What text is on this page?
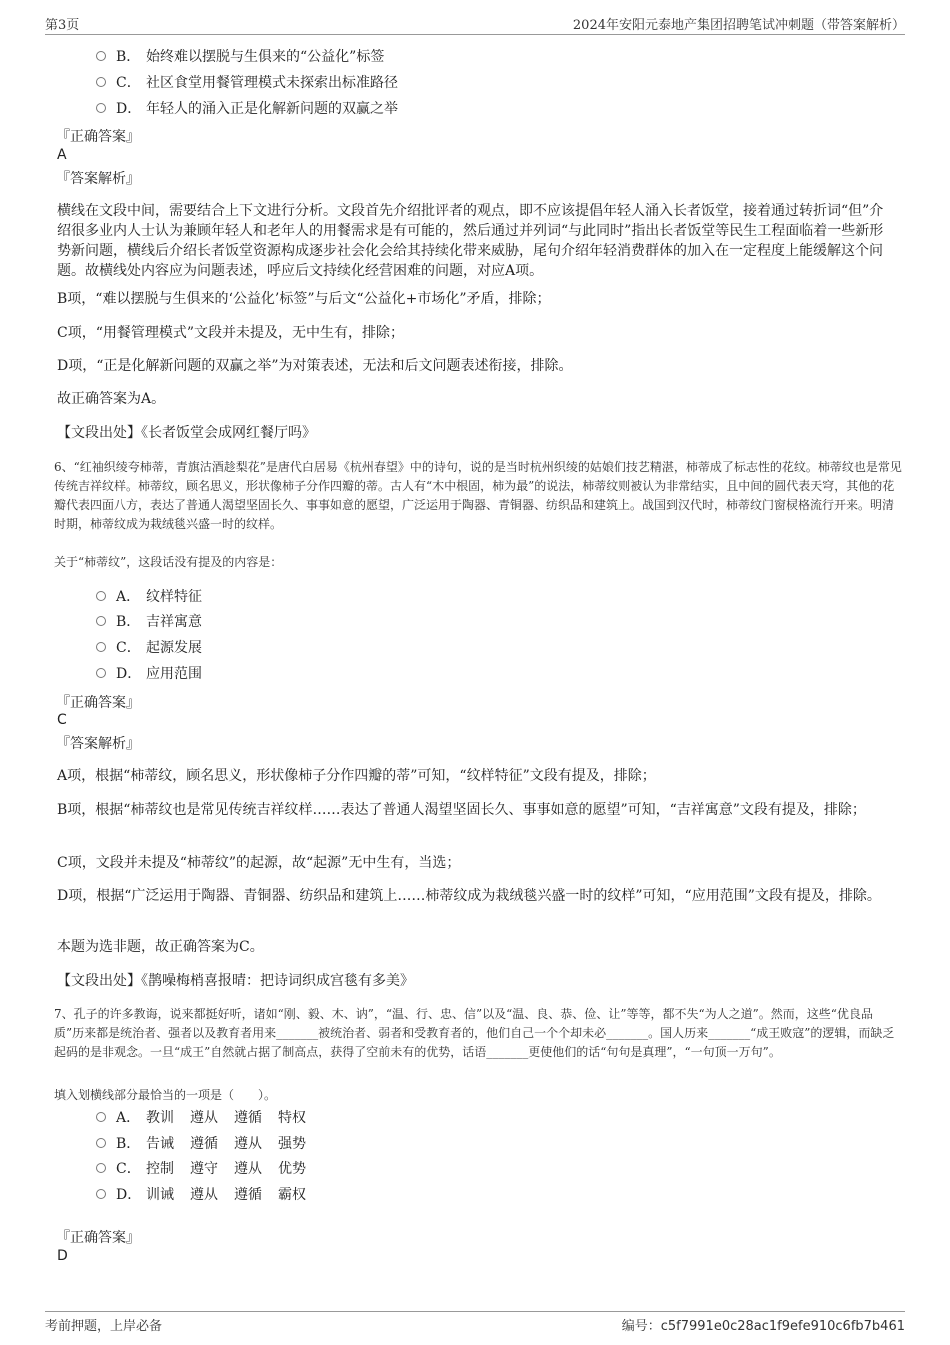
第3页	2024年安阳元泰地产集团招聘笔试冲刺题（带答案解析）
B． 始终难以摆脱与生俱来的“公益化”标签
C． 社区食堂用餐管理模式未探索出标准路径
D． 年轻人的涌入正是化解新问题的双赢之举
『正确答案』
A
『答案解析』
横线在文段中间，需要结合上下文进行分析。文段首先介绍批评者的观点，即不应该提倡年轻人涌入长者饭堂，接着通过转折词“但”介绍很多业内人士认为兼顾年轻人和老年人的用餐需求是有可能的，然后通过并列词“与此同时”指出长者饭堂等民生工程面临着一些新形势新问题，横线后介绍长者饭堂资源构成逐步社会化会给其持续化带来威胁，尾句介绍年轻消费群体的加入在一定程度上能缓解这个问题。故横线处内容应为问题表述，呼应后文持续化经营困难的问题，对应A项。
B项，“难以摆脱与生俱来的‘公益化’标签”与后文“公益化+市场化”矛盾，排除；
C项，“用餐管理模式”文段并未提及，无中生有，排除；
D项，“正是化解新问题的双赢之举”为对策表述，无法和后文问题表述衔接，排除。
故正确答案为A。
【文段出处】《长者饭堂会成网红餐厅吗》
6、“红袖织绫夸柿蒂，青旗沽酒趁梨花”是唐代白居易《杭州春望》中的诗句，说的是当时杭州织绫的姑娘们技艺精湛，柿蒂成了标志性的花纹。柿蒂纹也是常见传统吉祥纹样。柿蒂纹，顾名思义，形状像柿子分作四瓣的蒂。古人有“木中根固，柿为最”的说法，柿蒂纹则被认为非常结实，且中间的圆代表天穹，其他的花瓣代表四面八方，表达了普通人渴望坚固长久、事事如意的愿望，广泛运用于陶器、青铜器、纺织品和建筑上。战国到汉代时，柿蒂纹门窗棂格流行开来。明清时期，柿蒂纹成为栽绒毯兴盛一时的纹样。
关于“柿蒂纹”，这段话没有提及的内容是：
A． 纹样特征
B． 吉祥寓意
C． 起源发展
D． 应用范围
『正确答案』
C
『答案解析』
A项，根据“柿蒂纹，顾名思义，形状像柿子分作四瓣的蒂”可知，“纹样特征”文段有提及，排除；
B项，根据“柿蒂纹也是常见传统吉祥纹样……表达了普通人渴望坚固长久、事事如意的愿望”可知，“吉祥寓意”文段有提及，排除；
C项，文段并未提及“柿蒂纹”的起源，故“起源”无中生有，当选；
D项，根据“广泛运用于陶器、青铜器、纺织品和建筑上……柿蒂纹成为栽绒毯兴盛一时的纹样”可知，“应用范围”文段有提及，排除。
本题为选非题，故正确答案为C。
【文段出处】《鹊噪梅梢喜报晴：把诗词织成宫毯有多美》
7、孔子的许多教诲，说来都挺好听，诸如“刚、毅、木、讷”，“温、行、忠、信”以及“温、良、恭、俭、让”等等，都不失“为人之道”。然而，这些“优良品质”历来都是统治者、强者以及教育者用来_______被统治者、弱者和受教育者的，他们自己一个个却未必_______。国人历来_______“成王败寇”的逻辑，而缺乏起码的是非观念。一旦“成王”自然就占据了制高点，获得了空前未有的优势，话语_______更使他们的话“句句是真理”，“一句顶一万句”。
填入划横线部分最恰当的一项是（　　）。
A． 教训 遵从 遵循 特权
B． 告诫 遵循 遵从 强势
C． 控制 遵守 遵从 优势
D． 训诫 遵从 遵循 霸权
『正确答案』
D
考前押题，上岸必备	编号：c5f7991e0c28ac1f9efe910c6fb7b461
